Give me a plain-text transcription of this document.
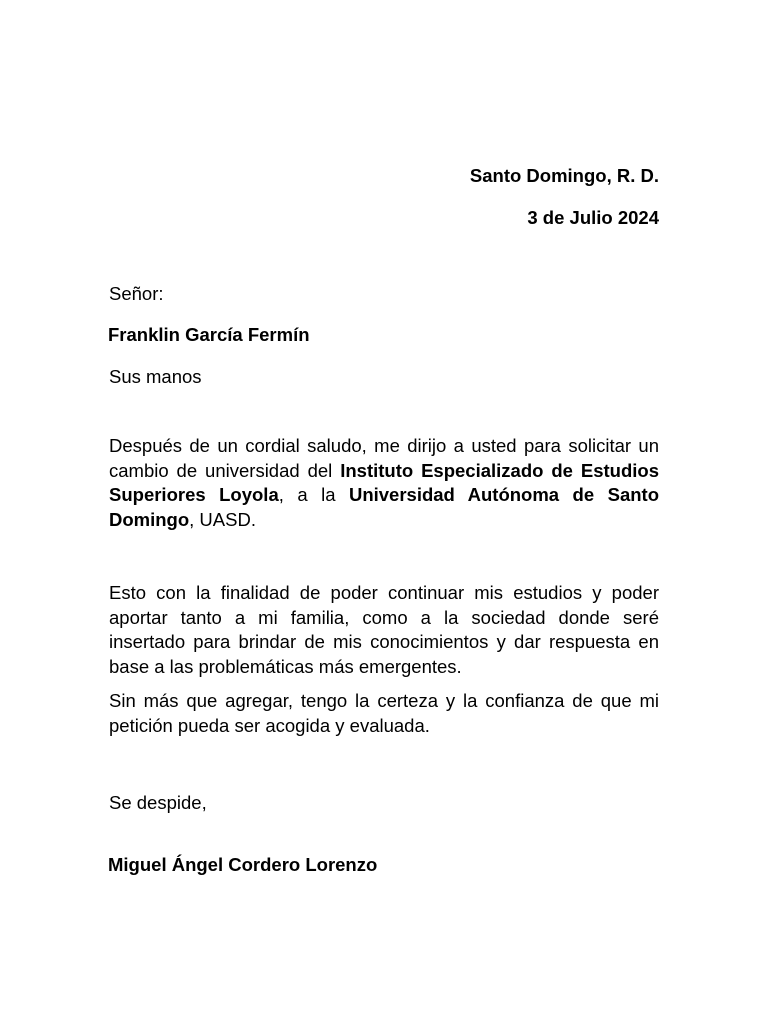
Santo Domingo, R. D.
3 de Julio 2024
Señor:
Franklin García Fermín
Sus manos
Después de un cordial saludo, me dirijo a usted para solicitar un cambio de universidad del Instituto Especializado de Estudios Superiores Loyola, a la Universidad Autónoma de Santo Domingo, UASD.
Esto con la finalidad de poder continuar mis estudios y poder aportar tanto a mi familia, como a la sociedad donde seré insertado para brindar de mis conocimientos y dar respuesta en base a las problemáticas más emergentes.
Sin más que agregar, tengo la certeza y la confianza de que mi petición pueda ser acogida y evaluada.
Se despide,
Miguel Ángel Cordero Lorenzo
